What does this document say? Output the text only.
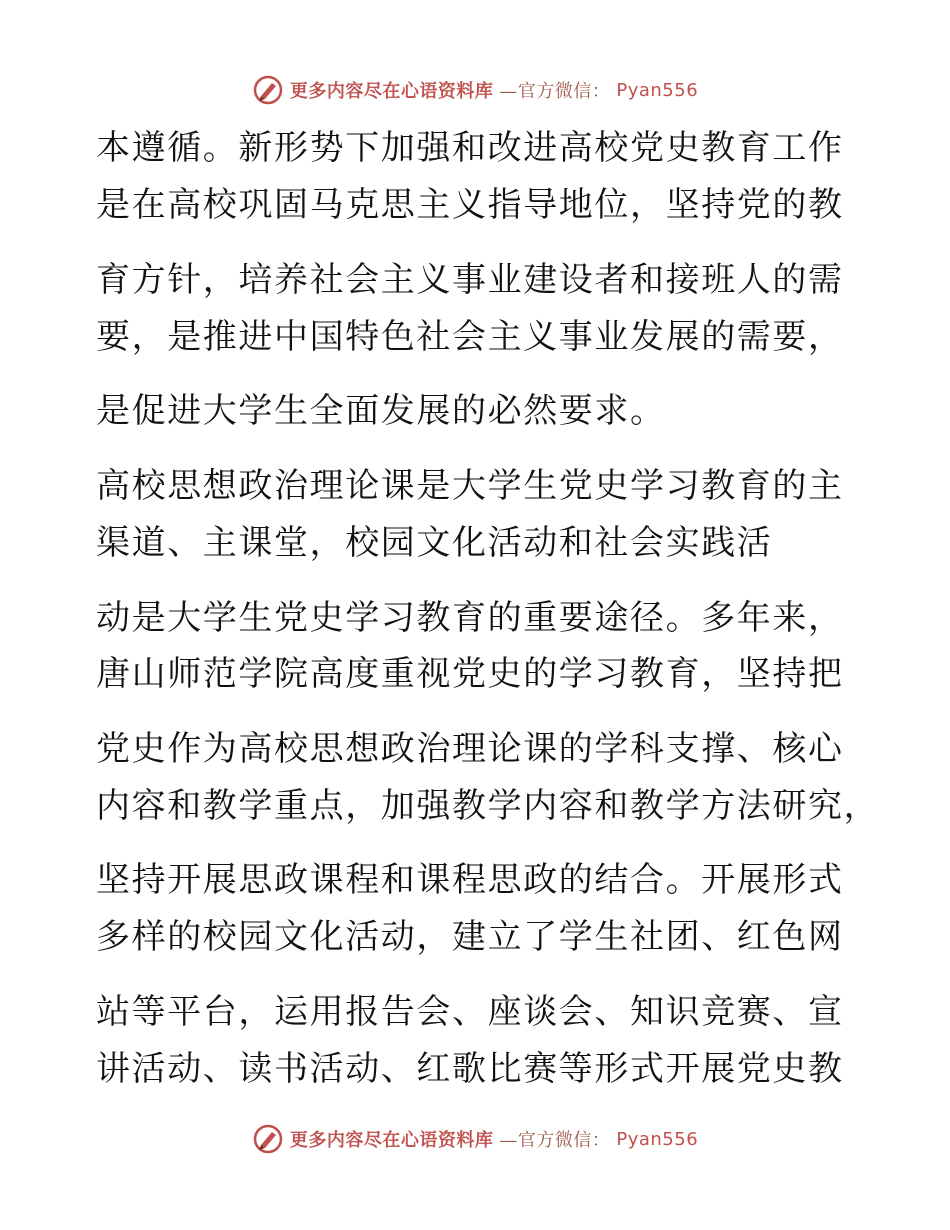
更多内容尽在心语资料库 —官方微信： Pyan556
本遵循。新形势下加强和改进高校党史教育工作
是在高校巩固马克思主义指导地位，坚持党的教
育方针，培养社会主义事业建设者和接班人的需
要，是推进中国特色社会主义事业发展的需要，
是促进大学生全面发展的必然要求。
高校思想政治理论课是大学生党史学习教育的主
渠道、主课堂，校园文化活动和社会实践活
动是大学生党史学习教育的重要途径。多年来，
唐山师范学院高度重视党史的学习教育，坚持把
党史作为高校思想政治理论课的学科支撑、核心
内容和教学重点，加强教学内容和教学方法研究，
坚持开展思政课程和课程思政的结合。开展形式
多样的校园文化活动，建立了学生社团、红色网
站等平台，运用报告会、座谈会、知识竞赛、宣
讲活动、读书活动、红歌比赛等形式开展党史教
更多内容尽在心语资料库 —官方微信： Pyan556
